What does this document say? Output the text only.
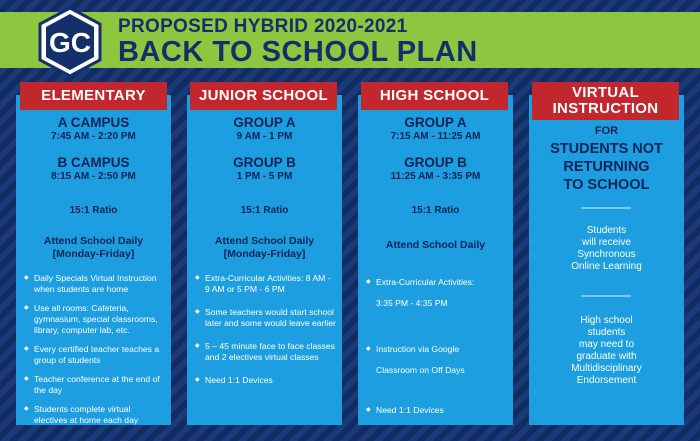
GC
PROPOSED HYBRID 2020-2021
BACK TO SCHOOL PLAN
A CAMPUS
7:45 AM - 2:20 PM
B CAMPUS
8:15 AM - 2:50 PM
15:1 Ratio
Attend School Daily
[Monday-Friday]
◆ Daily Specials Virtual Instruction when students are home
◆ Use all rooms: Cafeteria, gymnasium, special classrooms, library, computer lab, etc.
◆ Every certified teacher teaches a group of students
◆ Teacher conference at the end of the day
◆ Students complete virtual electives at home each day
ELEMENTARY
GROUP A
9 AM - 1 PM
GROUP B
1 PM - 5 PM
15:1 Ratio
Attend School Daily
[Monday-Friday]
◆ Extra-Curricular Activities: 8 AM - 9 AM or 5 PM - 6 PM
◆ Some teachers would start school later and some would leave earlier
◆ 5 – 45 minute face to face classes and 2 electives virtual classes
◆ Need 1:1 Devices
JUNIOR SCHOOL
GROUP A
7:15 AM - 11:25 AM
GROUP B
11:25 AM - 3:35 PM
15:1 Ratio
Attend School Daily
◆ Extra-Curricular Activities:
3:35 PM - 4:35 PM
◆ Instruction via Google
Classroom on Off Days
◆ Need 1:1 Devices
HIGH SCHOOL
FOR
STUDENTS NOT
RETURNING
TO SCHOOL
Students
will receive
Synchronous
Online Learning
High school
students
may need to
graduate with
Multidisciplinary
Endorsement
VIRTUAL
INSTRUCTION
